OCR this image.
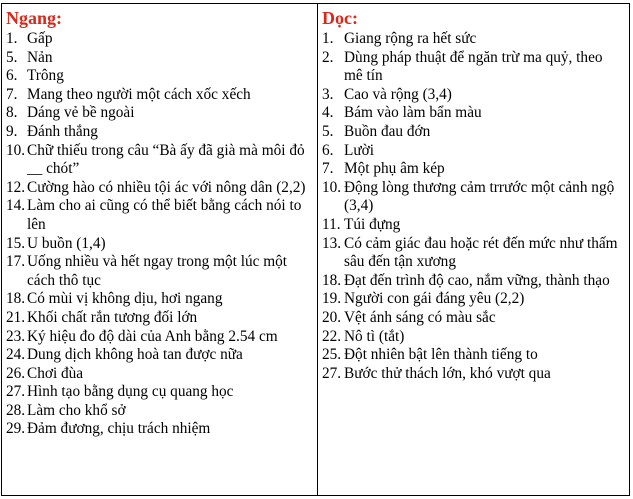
Ngang:
1. Gấp
5. Nản
6. Trông
7. Mang theo người một cách xốc xếch
8. Dáng vẻ bề ngoài
9. Đánh thắng
10. Chữ thiếu trong câu “Bà ấy đã già mà môi đỏ __ chót”
12. Cường hào có nhiều tội ác với nông dân (2,2)
14. Làm cho ai cũng có thể biết bằng cách nói to lên
15. U buồn (1,4)
17. Uống nhiều và hết ngay trong một lúc một cách thô tục
18. Có mùi vị không dịu, hơi ngang
21. Khối chất rắn tương đối lớn
23. Ký hiệu đo độ dài của Anh bằng 2.54 cm
24. Dung dịch không hoà tan được nữa
26. Chơi đùa
27. Hình tạo bằng dụng cụ quang học
28. Làm cho khổ sở
29. Đảm đương, chịu trách nhiệm
Dọc:
1. Giang rộng ra hết sức
2. Dùng pháp thuật để ngăn trừ ma quỷ, theo mê tín
3. Cao và rộng (3,4)
4. Bám vào làm bẩn màu
5. Buồn đau đớn
6. Lười
7. Một phụ âm kép
10. Động lòng thương cảm trrước một cảnh ngộ (3,4)
11. Túi đựng
13. Có cảm giác đau hoặc rét đến mức như thấm sâu đến tận xương
18. Đạt đến trình độ cao, nắm vững, thành thạo
19. Người con gái đáng yêu (2,2)
20. Vệt ánh sáng có màu sắc
22. Nô tì (tắt)
25. Đột nhiên bật lên thành tiếng to
27. Bước thử thách lớn, khó vượt qua
